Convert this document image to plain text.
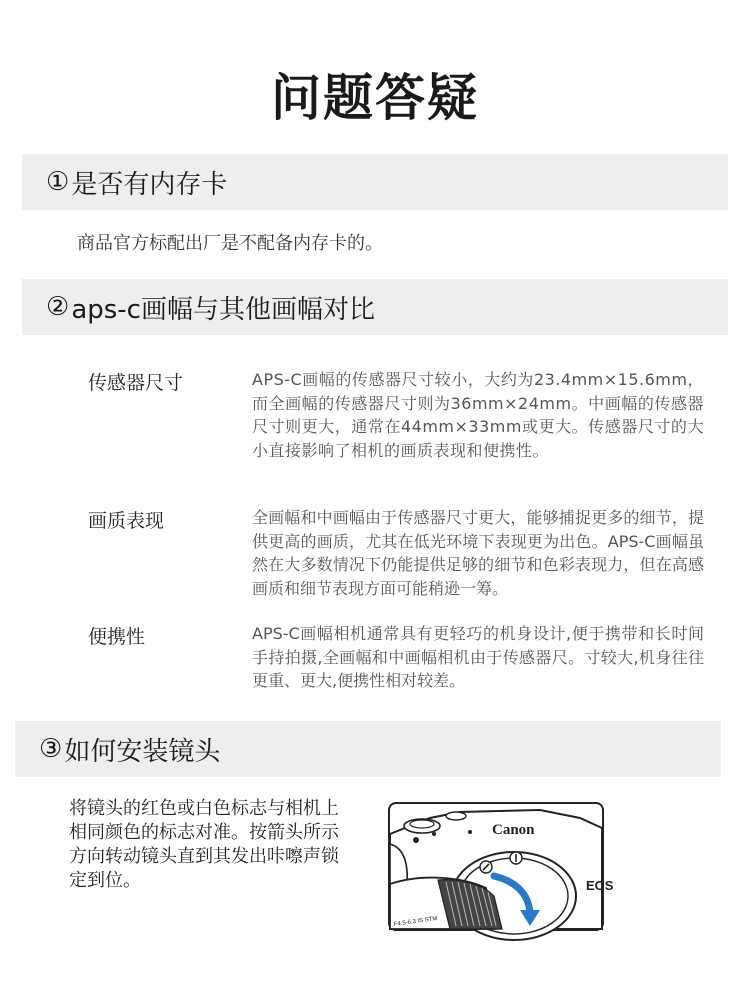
问题答疑
① 是否有内存卡
商品官方标配出厂是不配备内存卡的。
② aps-c画幅与其他画幅对比
传感器尺寸	APS-C画幅的传感器尺寸较小，大约为23.4mm×15.6mm，而全画幅的传感器尺寸则为36mm×24mm。中画幅的传感器尺寸则更大，通常在44mm×33mm或更大。传感器尺寸的大小直接影响了相机的画质表现和便携性。
画质表现	全画幅和中画幅由于传感器尺寸更大，能够捕捉更多的细节，提供更高的画质，尤其在低光环境下表现更为出色。APS-C画幅虽然在大多数情况下仍能提供足够的细节和色彩表现力，但在高感画质和细节表现方面可能稍逊一筹。
便携性	APS-C画幅相机通常具有更轻巧的机身设计,便于携带和长时间手持拍摄,全画幅和中画幅相机由于传感器尺。寸较大,机身往往更重、更大,便携性相对较差。
③ 如何安装镜头
将镜头的红色或白色标志与相机上相同颜色的标志对准。按箭头所示方向转动镜头直到其发出咔嚓声锁定到位。
Canon
EOS
F4.5-6.3 IS STM
